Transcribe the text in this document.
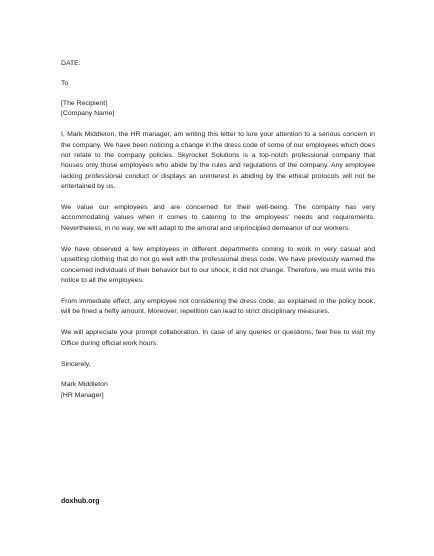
DATE:
To
[The Recipient]
[Company Name]

I, Mark Middleton, the HR manager, am writing this letter to lure your attention to a serious concern in the company. We have been noticing a change in the dress code of some of our employees which does not relate to the company policies. Skyrocket Solutions is a top-notch professional company that houses only those employees who abide by the rules and regulations of the company. Any employee lacking professional conduct or displays an uninterest in abiding by the ethical protocols will not be entertained by us.

We value our employees and are concerned for their well-being. The company has very accommodating values when it comes to catering to the employees' needs and requirements. Nevertheless, in no way, we will adapt to the amoral and unprincipled demeanor of our workers.

We have observed a few employees in different departments coming to work in very casual and upsetting clothing that do not go well with the professional dress code. We have previously warned the concerned individuals of their behavior but to our shock, it did not change. Therefore, we must write this notice to all the employees.

From immediate effect, any employee not considering the dress code, as explained in the policy book, will be fined a hefty amount. Moreover, repetition can lead to strict disciplinary measures.

We will appreciate your prompt collaboration. In case of any queries or questions, feel free to visit my Office during official work hours.

Sincerely,
Mark Middleton
[HR Manager]
doxhub.org
